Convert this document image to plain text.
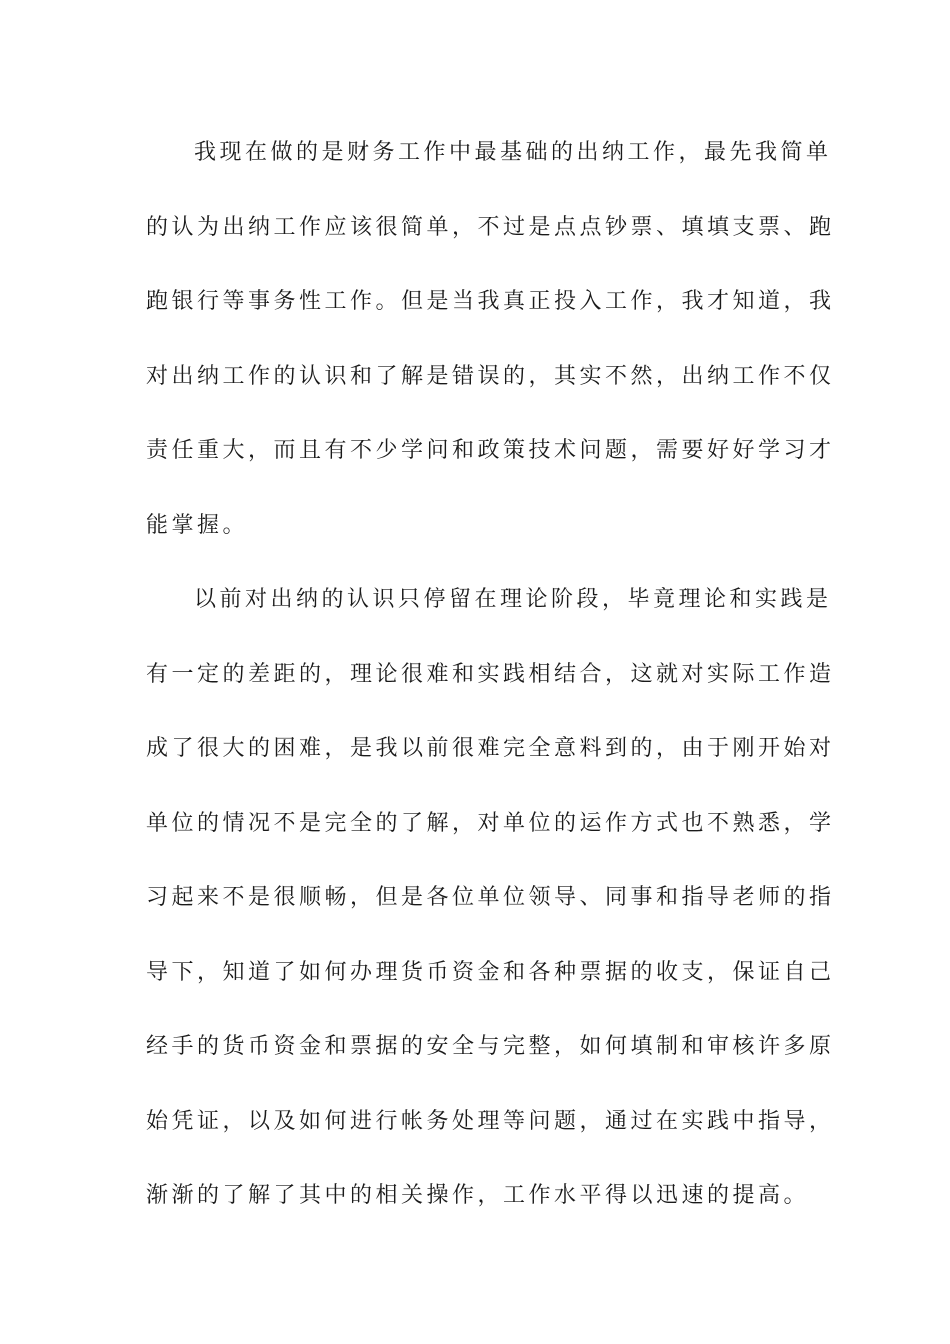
我现在做的是财务工作中最基础的出纳工作，最先我简单
的认为出纳工作应该很简单，不过是点点钞票、填填支票、跑
跑银行等事务性工作。但是当我真正投入工作，我才知道，我
对出纳工作的认识和了解是错误的，其实不然，出纳工作不仅
责任重大，而且有不少学问和政策技术问题，需要好好学习才
能掌握。
以前对出纳的认识只停留在理论阶段，毕竟理论和实践是
有一定的差距的，理论很难和实践相结合，这就对实际工作造
成了很大的困难，是我以前很难完全意料到的，由于刚开始对
单位的情况不是完全的了解，对单位的运作方式也不熟悉，学
习起来不是很顺畅，但是各位单位领导、同事和指导老师的指
导下，知道了如何办理货币资金和各种票据的收支，保证自己
经手的货币资金和票据的安全与完整，如何填制和审核许多原
始凭证，以及如何进行帐务处理等问题，通过在实践中指导，
渐渐的了解了其中的相关操作，工作水平得以迅速的提高。
